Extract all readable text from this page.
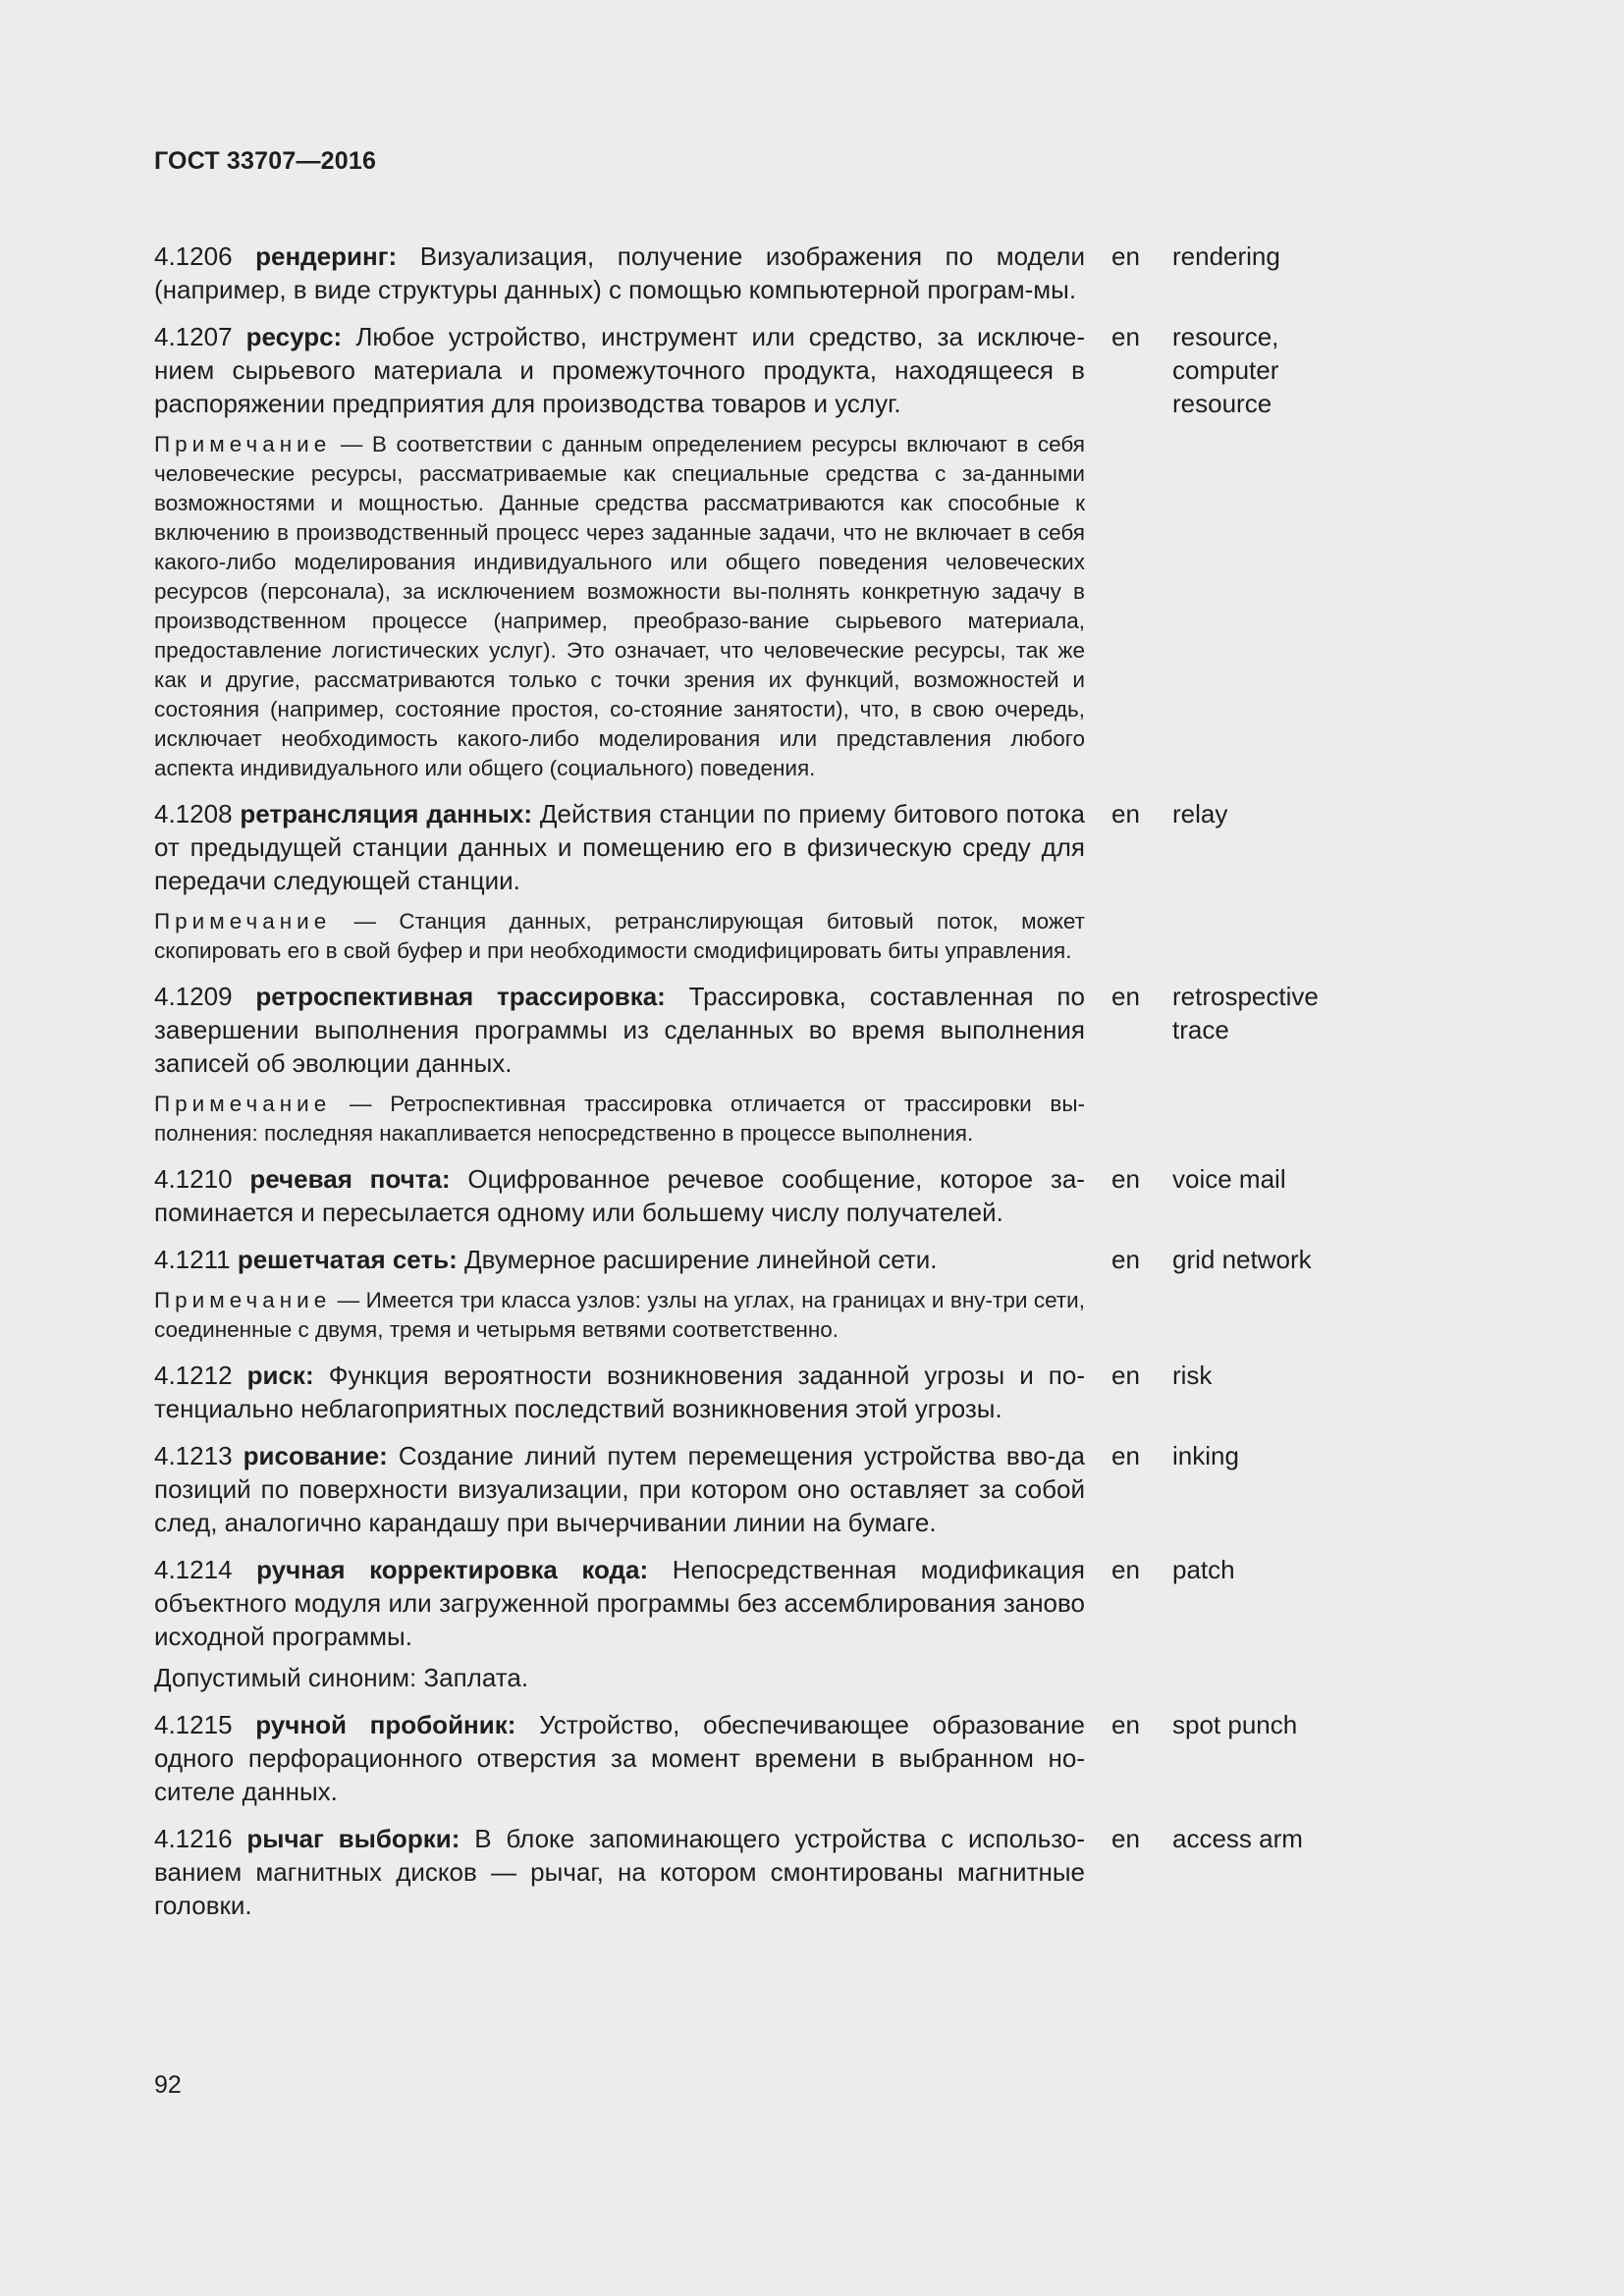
ГОСТ 33707—2016

4.1206 рендеринг: Визуализация, получение изображения по модели (например, в виде структуры данных) с помощью компьютерной програм-мы.

en	rendering

4.1207 ресурс: Любое устройство, инструмент или средство, за исключе-нием сырьевого материала и промежуточного продукта, находящееся в распоряжении предприятия для производства товаров и услуг.

Примечание — В соответствии с данным определением ресурсы включают в себя человеческие ресурсы, рассматриваемые как специальные средства с за-данными возможностями и мощностью. Данные средства рассматриваются как способные к включению в производственный процесс через заданные задачи, что не включает в себя какого-либо моделирования индивидуального или общего поведения человеческих ресурсов (персонала), за исключением возможности вы-полнять конкретную задачу в производственном процессе (например, преобразо-вание сырьевого материала, предоставление логистических услуг). Это означает, что человеческие ресурсы, так же как и другие, рассматриваются только с точки зрения их функций, возможностей и состояния (например, состояние простоя, со-стояние занятости), что, в свою очередь, исключает необходимость какого-либо моделирования или представления любого аспекта индивидуального или общего (социального) поведения.

en	resource, computer resource

4.1208 ретрансляция данных: Действия станции по приему битового потока от предыдущей станции данных и помещению его в физическую среду для передачи следующей станции.

Примечание — Станция данных, ретранслирующая битовый поток, может скопировать его в свой буфер и при необходимости смодифицировать биты управления.

en	relay

4.1209 ретроспективная трассировка: Трассировка, составленная по завершении выполнения программы из сделанных во время выполнения записей об эволюции данных.

Примечание — Ретроспективная трассировка отличается от трассировки вы-полнения: последняя накапливается непосредственно в процессе выполнения.

en	retrospective trace

4.1210 речевая почта: Оцифрованное речевое сообщение, которое за-поминается и пересылается одному или большему числу получателей.

en	voice mail

4.1211 решетчатая сеть: Двумерное расширение линейной сети.

Примечание — Имеется три класса узлов: узлы на углах, на границах и вну-три сети, соединенные с двумя, тремя и четырьмя ветвями соответственно.

en	grid network

4.1212 риск: Функция вероятности возникновения заданной угрозы и по-тенциально неблагоприятных последствий возникновения этой угрозы.

en	risk

4.1213 рисование: Создание линий путем перемещения устройства вво-да позиций по поверхности визуализации, при котором оно оставляет за собой след, аналогично карандашу при вычерчивании линии на бумаге.

en	inking

4.1214 ручная корректировка кода: Непосредственная модификация объектного модуля или загруженной программы без ассемблирования заново исходной программы.

Допустимый синоним: Заплата.

en	patch

4.1215 ручной пробойник: Устройство, обеспечивающее образование одного перфорационного отверстия за момент времени в выбранном но-сителе данных.

en	spot punch

4.1216 рычаг выборки: В блоке запоминающего устройства с использо-ванием магнитных дисков — рычаг, на котором смонтированы магнитные головки.

en	access arm
92
